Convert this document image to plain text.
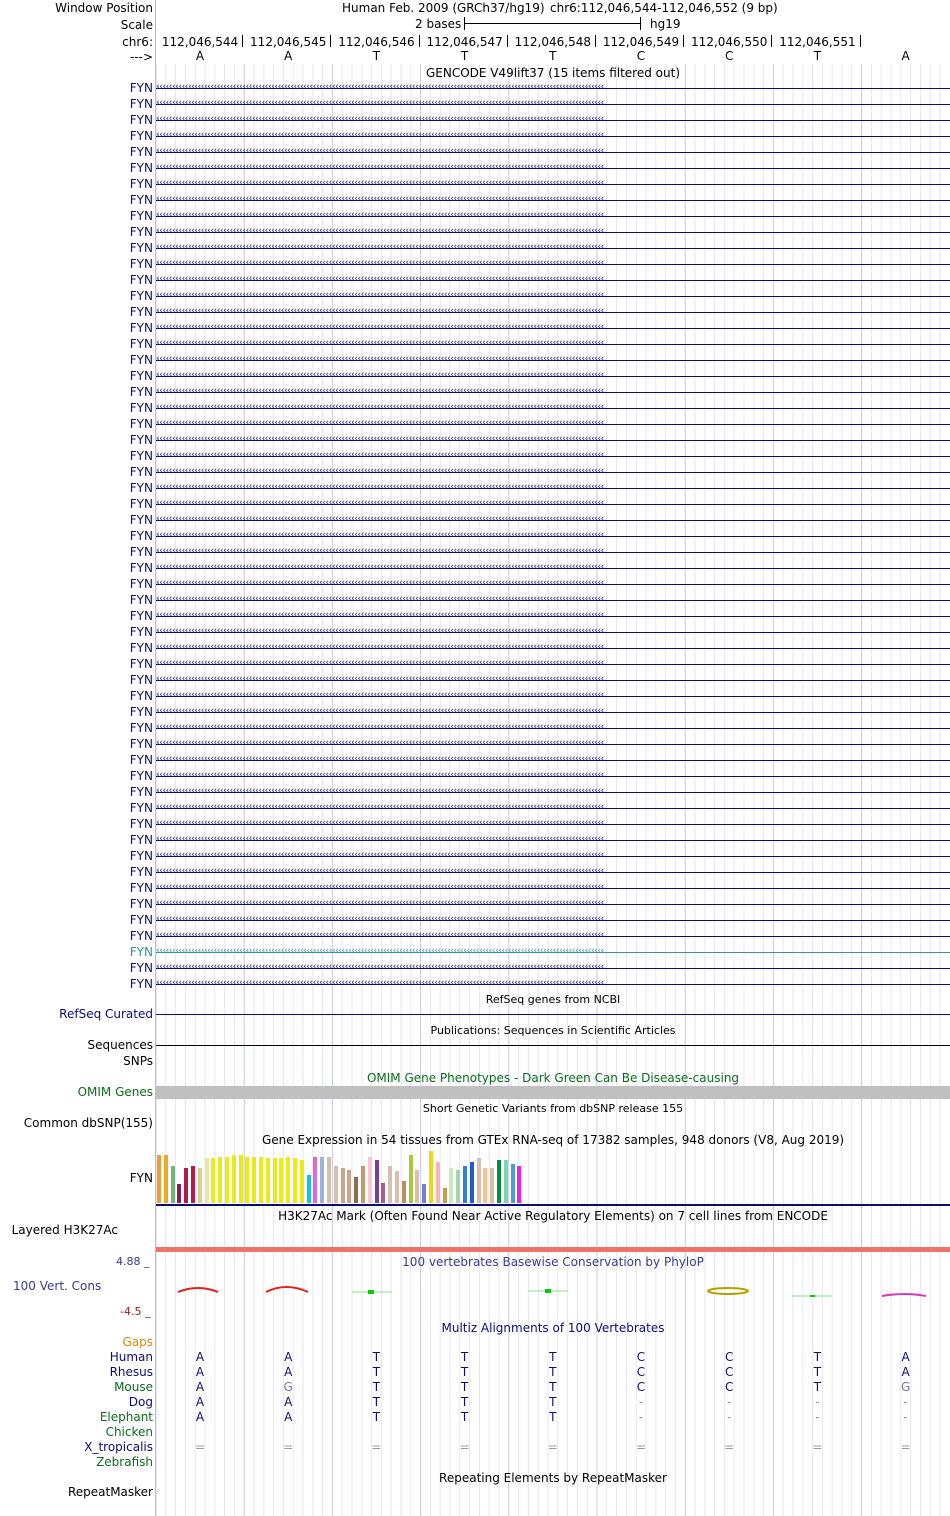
Window Position	Human Feb. 2009 (GRCh37/hg19) chr6:112,046,544-112,046,552 (9 bp)
Scale	2 bases	hg19
chr6: 112,046,544 112,046,545 112,046,546 112,046,547 112,046,548 112,046,549 112,046,550 112,046,551
--->	A	A	T	T	T	C	C	T	A
GENCODE V49lift37 (15 items filtered out)
FYN ‹‹‹‹‹‹‹‹‹‹‹‹‹‹‹‹‹‹‹‹‹‹‹‹‹‹‹‹‹‹‹‹‹‹‹‹‹‹‹‹‹‹‹‹‹‹‹‹‹‹‹‹‹‹‹‹‹‹‹‹‹‹‹‹‹‹‹‹‹‹‹‹‹‹‹‹‹‹‹‹‹‹‹‹‹‹‹‹‹‹‹‹‹‹‹‹‹‹‹‹‹‹‹‹‹‹‹‹‹‹‹‹‹‹‹‹‹‹‹‹‹‹‹‹‹‹‹‹‹‹‹‹‹‹‹‹‹‹‹‹
FYN ‹‹‹‹‹‹‹‹‹‹‹‹‹‹‹‹‹‹‹‹‹‹‹‹‹‹‹‹‹‹‹‹‹‹‹‹‹‹‹‹‹‹‹‹‹‹‹‹‹‹‹‹‹‹‹‹‹‹‹‹‹‹‹‹‹‹‹‹‹‹‹‹‹‹‹‹‹‹‹‹‹‹‹‹‹‹‹‹‹‹‹‹‹‹‹‹‹‹‹‹‹‹‹‹‹‹‹‹‹‹‹‹‹‹‹‹‹‹‹‹‹‹‹‹‹‹‹‹‹‹‹‹‹‹‹‹‹‹‹‹
FYN ‹‹‹‹‹‹‹‹‹‹‹‹‹‹‹‹‹‹‹‹‹‹‹‹‹‹‹‹‹‹‹‹‹‹‹‹‹‹‹‹‹‹‹‹‹‹‹‹‹‹‹‹‹‹‹‹‹‹‹‹‹‹‹‹‹‹‹‹‹‹‹‹‹‹‹‹‹‹‹‹‹‹‹‹‹‹‹‹‹‹‹‹‹‹‹‹‹‹‹‹‹‹‹‹‹‹‹‹‹‹‹‹‹‹‹‹‹‹‹‹‹‹‹‹‹‹‹‹‹‹‹‹‹‹‹‹‹‹‹‹
FYN ‹‹‹‹‹‹‹‹‹‹‹‹‹‹‹‹‹‹‹‹‹‹‹‹‹‹‹‹‹‹‹‹‹‹‹‹‹‹‹‹‹‹‹‹‹‹‹‹‹‹‹‹‹‹‹‹‹‹‹‹‹‹‹‹‹‹‹‹‹‹‹‹‹‹‹‹‹‹‹‹‹‹‹‹‹‹‹‹‹‹‹‹‹‹‹‹‹‹‹‹‹‹‹‹‹‹‹‹‹‹‹‹‹‹‹‹‹‹‹‹‹‹‹‹‹‹‹‹‹‹‹‹‹‹‹‹‹‹‹‹
FYN ‹‹‹‹‹‹‹‹‹‹‹‹‹‹‹‹‹‹‹‹‹‹‹‹‹‹‹‹‹‹‹‹‹‹‹‹‹‹‹‹‹‹‹‹‹‹‹‹‹‹‹‹‹‹‹‹‹‹‹‹‹‹‹‹‹‹‹‹‹‹‹‹‹‹‹‹‹‹‹‹‹‹‹‹‹‹‹‹‹‹‹‹‹‹‹‹‹‹‹‹‹‹‹‹‹‹‹‹‹‹‹‹‹‹‹‹‹‹‹‹‹‹‹‹‹‹‹‹‹‹‹‹‹‹‹‹‹‹‹‹
FYN ‹‹‹‹‹‹‹‹‹‹‹‹‹‹‹‹‹‹‹‹‹‹‹‹‹‹‹‹‹‹‹‹‹‹‹‹‹‹‹‹‹‹‹‹‹‹‹‹‹‹‹‹‹‹‹‹‹‹‹‹‹‹‹‹‹‹‹‹‹‹‹‹‹‹‹‹‹‹‹‹‹‹‹‹‹‹‹‹‹‹‹‹‹‹‹‹‹‹‹‹‹‹‹‹‹‹‹‹‹‹‹‹‹‹‹‹‹‹‹‹‹‹‹‹‹‹‹‹‹‹‹‹‹‹‹‹‹‹‹‹
FYN ‹‹‹‹‹‹‹‹‹‹‹‹‹‹‹‹‹‹‹‹‹‹‹‹‹‹‹‹‹‹‹‹‹‹‹‹‹‹‹‹‹‹‹‹‹‹‹‹‹‹‹‹‹‹‹‹‹‹‹‹‹‹‹‹‹‹‹‹‹‹‹‹‹‹‹‹‹‹‹‹‹‹‹‹‹‹‹‹‹‹‹‹‹‹‹‹‹‹‹‹‹‹‹‹‹‹‹‹‹‹‹‹‹‹‹‹‹‹‹‹‹‹‹‹‹‹‹‹‹‹‹‹‹‹‹‹‹‹‹‹
FYN ‹‹‹‹‹‹‹‹‹‹‹‹‹‹‹‹‹‹‹‹‹‹‹‹‹‹‹‹‹‹‹‹‹‹‹‹‹‹‹‹‹‹‹‹‹‹‹‹‹‹‹‹‹‹‹‹‹‹‹‹‹‹‹‹‹‹‹‹‹‹‹‹‹‹‹‹‹‹‹‹‹‹‹‹‹‹‹‹‹‹‹‹‹‹‹‹‹‹‹‹‹‹‹‹‹‹‹‹‹‹‹‹‹‹‹‹‹‹‹‹‹‹‹‹‹‹‹‹‹‹‹‹‹‹‹‹‹‹‹‹
FYN ‹‹‹‹‹‹‹‹‹‹‹‹‹‹‹‹‹‹‹‹‹‹‹‹‹‹‹‹‹‹‹‹‹‹‹‹‹‹‹‹‹‹‹‹‹‹‹‹‹‹‹‹‹‹‹‹‹‹‹‹‹‹‹‹‹‹‹‹‹‹‹‹‹‹‹‹‹‹‹‹‹‹‹‹‹‹‹‹‹‹‹‹‹‹‹‹‹‹‹‹‹‹‹‹‹‹‹‹‹‹‹‹‹‹‹‹‹‹‹‹‹‹‹‹‹‹‹‹‹‹‹‹‹‹‹‹‹‹‹‹
FYN ‹‹‹‹‹‹‹‹‹‹‹‹‹‹‹‹‹‹‹‹‹‹‹‹‹‹‹‹‹‹‹‹‹‹‹‹‹‹‹‹‹‹‹‹‹‹‹‹‹‹‹‹‹‹‹‹‹‹‹‹‹‹‹‹‹‹‹‹‹‹‹‹‹‹‹‹‹‹‹‹‹‹‹‹‹‹‹‹‹‹‹‹‹‹‹‹‹‹‹‹‹‹‹‹‹‹‹‹‹‹‹‹‹‹‹‹‹‹‹‹‹‹‹‹‹‹‹‹‹‹‹‹‹‹‹‹‹‹‹‹
FYN ‹‹‹‹‹‹‹‹‹‹‹‹‹‹‹‹‹‹‹‹‹‹‹‹‹‹‹‹‹‹‹‹‹‹‹‹‹‹‹‹‹‹‹‹‹‹‹‹‹‹‹‹‹‹‹‹‹‹‹‹‹‹‹‹‹‹‹‹‹‹‹‹‹‹‹‹‹‹‹‹‹‹‹‹‹‹‹‹‹‹‹‹‹‹‹‹‹‹‹‹‹‹‹‹‹‹‹‹‹‹‹‹‹‹‹‹‹‹‹‹‹‹‹‹‹‹‹‹‹‹‹‹‹‹‹‹‹‹‹‹
FYN ‹‹‹‹‹‹‹‹‹‹‹‹‹‹‹‹‹‹‹‹‹‹‹‹‹‹‹‹‹‹‹‹‹‹‹‹‹‹‹‹‹‹‹‹‹‹‹‹‹‹‹‹‹‹‹‹‹‹‹‹‹‹‹‹‹‹‹‹‹‹‹‹‹‹‹‹‹‹‹‹‹‹‹‹‹‹‹‹‹‹‹‹‹‹‹‹‹‹‹‹‹‹‹‹‹‹‹‹‹‹‹‹‹‹‹‹‹‹‹‹‹‹‹‹‹‹‹‹‹‹‹‹‹‹‹‹‹‹‹‹
FYN ‹‹‹‹‹‹‹‹‹‹‹‹‹‹‹‹‹‹‹‹‹‹‹‹‹‹‹‹‹‹‹‹‹‹‹‹‹‹‹‹‹‹‹‹‹‹‹‹‹‹‹‹‹‹‹‹‹‹‹‹‹‹‹‹‹‹‹‹‹‹‹‹‹‹‹‹‹‹‹‹‹‹‹‹‹‹‹‹‹‹‹‹‹‹‹‹‹‹‹‹‹‹‹‹‹‹‹‹‹‹‹‹‹‹‹‹‹‹‹‹‹‹‹‹‹‹‹‹‹‹‹‹‹‹‹‹‹‹‹‹
FYN ‹‹‹‹‹‹‹‹‹‹‹‹‹‹‹‹‹‹‹‹‹‹‹‹‹‹‹‹‹‹‹‹‹‹‹‹‹‹‹‹‹‹‹‹‹‹‹‹‹‹‹‹‹‹‹‹‹‹‹‹‹‹‹‹‹‹‹‹‹‹‹‹‹‹‹‹‹‹‹‹‹‹‹‹‹‹‹‹‹‹‹‹‹‹‹‹‹‹‹‹‹‹‹‹‹‹‹‹‹‹‹‹‹‹‹‹‹‹‹‹‹‹‹‹‹‹‹‹‹‹‹‹‹‹‹‹‹‹‹‹
FYN ‹‹‹‹‹‹‹‹‹‹‹‹‹‹‹‹‹‹‹‹‹‹‹‹‹‹‹‹‹‹‹‹‹‹‹‹‹‹‹‹‹‹‹‹‹‹‹‹‹‹‹‹‹‹‹‹‹‹‹‹‹‹‹‹‹‹‹‹‹‹‹‹‹‹‹‹‹‹‹‹‹‹‹‹‹‹‹‹‹‹‹‹‹‹‹‹‹‹‹‹‹‹‹‹‹‹‹‹‹‹‹‹‹‹‹‹‹‹‹‹‹‹‹‹‹‹‹‹‹‹‹‹‹‹‹‹‹‹‹‹
FYN ‹‹‹‹‹‹‹‹‹‹‹‹‹‹‹‹‹‹‹‹‹‹‹‹‹‹‹‹‹‹‹‹‹‹‹‹‹‹‹‹‹‹‹‹‹‹‹‹‹‹‹‹‹‹‹‹‹‹‹‹‹‹‹‹‹‹‹‹‹‹‹‹‹‹‹‹‹‹‹‹‹‹‹‹‹‹‹‹‹‹‹‹‹‹‹‹‹‹‹‹‹‹‹‹‹‹‹‹‹‹‹‹‹‹‹‹‹‹‹‹‹‹‹‹‹‹‹‹‹‹‹‹‹‹‹‹‹‹‹‹
FYN ‹‹‹‹‹‹‹‹‹‹‹‹‹‹‹‹‹‹‹‹‹‹‹‹‹‹‹‹‹‹‹‹‹‹‹‹‹‹‹‹‹‹‹‹‹‹‹‹‹‹‹‹‹‹‹‹‹‹‹‹‹‹‹‹‹‹‹‹‹‹‹‹‹‹‹‹‹‹‹‹‹‹‹‹‹‹‹‹‹‹‹‹‹‹‹‹‹‹‹‹‹‹‹‹‹‹‹‹‹‹‹‹‹‹‹‹‹‹‹‹‹‹‹‹‹‹‹‹‹‹‹‹‹‹‹‹‹‹‹‹
FYN ‹‹‹‹‹‹‹‹‹‹‹‹‹‹‹‹‹‹‹‹‹‹‹‹‹‹‹‹‹‹‹‹‹‹‹‹‹‹‹‹‹‹‹‹‹‹‹‹‹‹‹‹‹‹‹‹‹‹‹‹‹‹‹‹‹‹‹‹‹‹‹‹‹‹‹‹‹‹‹‹‹‹‹‹‹‹‹‹‹‹‹‹‹‹‹‹‹‹‹‹‹‹‹‹‹‹‹‹‹‹‹‹‹‹‹‹‹‹‹‹‹‹‹‹‹‹‹‹‹‹‹‹‹‹‹‹‹‹‹‹
FYN ‹‹‹‹‹‹‹‹‹‹‹‹‹‹‹‹‹‹‹‹‹‹‹‹‹‹‹‹‹‹‹‹‹‹‹‹‹‹‹‹‹‹‹‹‹‹‹‹‹‹‹‹‹‹‹‹‹‹‹‹‹‹‹‹‹‹‹‹‹‹‹‹‹‹‹‹‹‹‹‹‹‹‹‹‹‹‹‹‹‹‹‹‹‹‹‹‹‹‹‹‹‹‹‹‹‹‹‹‹‹‹‹‹‹‹‹‹‹‹‹‹‹‹‹‹‹‹‹‹‹‹‹‹‹‹‹‹‹‹‹
FYN ‹‹‹‹‹‹‹‹‹‹‹‹‹‹‹‹‹‹‹‹‹‹‹‹‹‹‹‹‹‹‹‹‹‹‹‹‹‹‹‹‹‹‹‹‹‹‹‹‹‹‹‹‹‹‹‹‹‹‹‹‹‹‹‹‹‹‹‹‹‹‹‹‹‹‹‹‹‹‹‹‹‹‹‹‹‹‹‹‹‹‹‹‹‹‹‹‹‹‹‹‹‹‹‹‹‹‹‹‹‹‹‹‹‹‹‹‹‹‹‹‹‹‹‹‹‹‹‹‹‹‹‹‹‹‹‹‹‹‹‹
FYN ‹‹‹‹‹‹‹‹‹‹‹‹‹‹‹‹‹‹‹‹‹‹‹‹‹‹‹‹‹‹‹‹‹‹‹‹‹‹‹‹‹‹‹‹‹‹‹‹‹‹‹‹‹‹‹‹‹‹‹‹‹‹‹‹‹‹‹‹‹‹‹‹‹‹‹‹‹‹‹‹‹‹‹‹‹‹‹‹‹‹‹‹‹‹‹‹‹‹‹‹‹‹‹‹‹‹‹‹‹‹‹‹‹‹‹‹‹‹‹‹‹‹‹‹‹‹‹‹‹‹‹‹‹‹‹‹‹‹‹‹
FYN ‹‹‹‹‹‹‹‹‹‹‹‹‹‹‹‹‹‹‹‹‹‹‹‹‹‹‹‹‹‹‹‹‹‹‹‹‹‹‹‹‹‹‹‹‹‹‹‹‹‹‹‹‹‹‹‹‹‹‹‹‹‹‹‹‹‹‹‹‹‹‹‹‹‹‹‹‹‹‹‹‹‹‹‹‹‹‹‹‹‹‹‹‹‹‹‹‹‹‹‹‹‹‹‹‹‹‹‹‹‹‹‹‹‹‹‹‹‹‹‹‹‹‹‹‹‹‹‹‹‹‹‹‹‹‹‹‹‹‹‹
FYN ‹‹‹‹‹‹‹‹‹‹‹‹‹‹‹‹‹‹‹‹‹‹‹‹‹‹‹‹‹‹‹‹‹‹‹‹‹‹‹‹‹‹‹‹‹‹‹‹‹‹‹‹‹‹‹‹‹‹‹‹‹‹‹‹‹‹‹‹‹‹‹‹‹‹‹‹‹‹‹‹‹‹‹‹‹‹‹‹‹‹‹‹‹‹‹‹‹‹‹‹‹‹‹‹‹‹‹‹‹‹‹‹‹‹‹‹‹‹‹‹‹‹‹‹‹‹‹‹‹‹‹‹‹‹‹‹‹‹‹‹
FYN ‹‹‹‹‹‹‹‹‹‹‹‹‹‹‹‹‹‹‹‹‹‹‹‹‹‹‹‹‹‹‹‹‹‹‹‹‹‹‹‹‹‹‹‹‹‹‹‹‹‹‹‹‹‹‹‹‹‹‹‹‹‹‹‹‹‹‹‹‹‹‹‹‹‹‹‹‹‹‹‹‹‹‹‹‹‹‹‹‹‹‹‹‹‹‹‹‹‹‹‹‹‹‹‹‹‹‹‹‹‹‹‹‹‹‹‹‹‹‹‹‹‹‹‹‹‹‹‹‹‹‹‹‹‹‹‹‹‹‹‹
FYN ‹‹‹‹‹‹‹‹‹‹‹‹‹‹‹‹‹‹‹‹‹‹‹‹‹‹‹‹‹‹‹‹‹‹‹‹‹‹‹‹‹‹‹‹‹‹‹‹‹‹‹‹‹‹‹‹‹‹‹‹‹‹‹‹‹‹‹‹‹‹‹‹‹‹‹‹‹‹‹‹‹‹‹‹‹‹‹‹‹‹‹‹‹‹‹‹‹‹‹‹‹‹‹‹‹‹‹‹‹‹‹‹‹‹‹‹‹‹‹‹‹‹‹‹‹‹‹‹‹‹‹‹‹‹‹‹‹‹‹‹
FYN ‹‹‹‹‹‹‹‹‹‹‹‹‹‹‹‹‹‹‹‹‹‹‹‹‹‹‹‹‹‹‹‹‹‹‹‹‹‹‹‹‹‹‹‹‹‹‹‹‹‹‹‹‹‹‹‹‹‹‹‹‹‹‹‹‹‹‹‹‹‹‹‹‹‹‹‹‹‹‹‹‹‹‹‹‹‹‹‹‹‹‹‹‹‹‹‹‹‹‹‹‹‹‹‹‹‹‹‹‹‹‹‹‹‹‹‹‹‹‹‹‹‹‹‹‹‹‹‹‹‹‹‹‹‹‹‹‹‹‹‹
FYN ‹‹‹‹‹‹‹‹‹‹‹‹‹‹‹‹‹‹‹‹‹‹‹‹‹‹‹‹‹‹‹‹‹‹‹‹‹‹‹‹‹‹‹‹‹‹‹‹‹‹‹‹‹‹‹‹‹‹‹‹‹‹‹‹‹‹‹‹‹‹‹‹‹‹‹‹‹‹‹‹‹‹‹‹‹‹‹‹‹‹‹‹‹‹‹‹‹‹‹‹‹‹‹‹‹‹‹‹‹‹‹‹‹‹‹‹‹‹‹‹‹‹‹‹‹‹‹‹‹‹‹‹‹‹‹‹‹‹‹‹
FYN ‹‹‹‹‹‹‹‹‹‹‹‹‹‹‹‹‹‹‹‹‹‹‹‹‹‹‹‹‹‹‹‹‹‹‹‹‹‹‹‹‹‹‹‹‹‹‹‹‹‹‹‹‹‹‹‹‹‹‹‹‹‹‹‹‹‹‹‹‹‹‹‹‹‹‹‹‹‹‹‹‹‹‹‹‹‹‹‹‹‹‹‹‹‹‹‹‹‹‹‹‹‹‹‹‹‹‹‹‹‹‹‹‹‹‹‹‹‹‹‹‹‹‹‹‹‹‹‹‹‹‹‹‹‹‹‹‹‹‹‹
FYN ‹‹‹‹‹‹‹‹‹‹‹‹‹‹‹‹‹‹‹‹‹‹‹‹‹‹‹‹‹‹‹‹‹‹‹‹‹‹‹‹‹‹‹‹‹‹‹‹‹‹‹‹‹‹‹‹‹‹‹‹‹‹‹‹‹‹‹‹‹‹‹‹‹‹‹‹‹‹‹‹‹‹‹‹‹‹‹‹‹‹‹‹‹‹‹‹‹‹‹‹‹‹‹‹‹‹‹‹‹‹‹‹‹‹‹‹‹‹‹‹‹‹‹‹‹‹‹‹‹‹‹‹‹‹‹‹‹‹‹‹
FYN ‹‹‹‹‹‹‹‹‹‹‹‹‹‹‹‹‹‹‹‹‹‹‹‹‹‹‹‹‹‹‹‹‹‹‹‹‹‹‹‹‹‹‹‹‹‹‹‹‹‹‹‹‹‹‹‹‹‹‹‹‹‹‹‹‹‹‹‹‹‹‹‹‹‹‹‹‹‹‹‹‹‹‹‹‹‹‹‹‹‹‹‹‹‹‹‹‹‹‹‹‹‹‹‹‹‹‹‹‹‹‹‹‹‹‹‹‹‹‹‹‹‹‹‹‹‹‹‹‹‹‹‹‹‹‹‹‹‹‹‹
FYN ‹‹‹‹‹‹‹‹‹‹‹‹‹‹‹‹‹‹‹‹‹‹‹‹‹‹‹‹‹‹‹‹‹‹‹‹‹‹‹‹‹‹‹‹‹‹‹‹‹‹‹‹‹‹‹‹‹‹‹‹‹‹‹‹‹‹‹‹‹‹‹‹‹‹‹‹‹‹‹‹‹‹‹‹‹‹‹‹‹‹‹‹‹‹‹‹‹‹‹‹‹‹‹‹‹‹‹‹‹‹‹‹‹‹‹‹‹‹‹‹‹‹‹‹‹‹‹‹‹‹‹‹‹‹‹‹‹‹‹‹
FYN ‹‹‹‹‹‹‹‹‹‹‹‹‹‹‹‹‹‹‹‹‹‹‹‹‹‹‹‹‹‹‹‹‹‹‹‹‹‹‹‹‹‹‹‹‹‹‹‹‹‹‹‹‹‹‹‹‹‹‹‹‹‹‹‹‹‹‹‹‹‹‹‹‹‹‹‹‹‹‹‹‹‹‹‹‹‹‹‹‹‹‹‹‹‹‹‹‹‹‹‹‹‹‹‹‹‹‹‹‹‹‹‹‹‹‹‹‹‹‹‹‹‹‹‹‹‹‹‹‹‹‹‹‹‹‹‹‹‹‹‹
FYN ‹‹‹‹‹‹‹‹‹‹‹‹‹‹‹‹‹‹‹‹‹‹‹‹‹‹‹‹‹‹‹‹‹‹‹‹‹‹‹‹‹‹‹‹‹‹‹‹‹‹‹‹‹‹‹‹‹‹‹‹‹‹‹‹‹‹‹‹‹‹‹‹‹‹‹‹‹‹‹‹‹‹‹‹‹‹‹‹‹‹‹‹‹‹‹‹‹‹‹‹‹‹‹‹‹‹‹‹‹‹‹‹‹‹‹‹‹‹‹‹‹‹‹‹‹‹‹‹‹‹‹‹‹‹‹‹‹‹‹‹
FYN ‹‹‹‹‹‹‹‹‹‹‹‹‹‹‹‹‹‹‹‹‹‹‹‹‹‹‹‹‹‹‹‹‹‹‹‹‹‹‹‹‹‹‹‹‹‹‹‹‹‹‹‹‹‹‹‹‹‹‹‹‹‹‹‹‹‹‹‹‹‹‹‹‹‹‹‹‹‹‹‹‹‹‹‹‹‹‹‹‹‹‹‹‹‹‹‹‹‹‹‹‹‹‹‹‹‹‹‹‹‹‹‹‹‹‹‹‹‹‹‹‹‹‹‹‹‹‹‹‹‹‹‹‹‹‹‹‹‹‹‹
FYN ‹‹‹‹‹‹‹‹‹‹‹‹‹‹‹‹‹‹‹‹‹‹‹‹‹‹‹‹‹‹‹‹‹‹‹‹‹‹‹‹‹‹‹‹‹‹‹‹‹‹‹‹‹‹‹‹‹‹‹‹‹‹‹‹‹‹‹‹‹‹‹‹‹‹‹‹‹‹‹‹‹‹‹‹‹‹‹‹‹‹‹‹‹‹‹‹‹‹‹‹‹‹‹‹‹‹‹‹‹‹‹‹‹‹‹‹‹‹‹‹‹‹‹‹‹‹‹‹‹‹‹‹‹‹‹‹‹‹‹‹
FYN ‹‹‹‹‹‹‹‹‹‹‹‹‹‹‹‹‹‹‹‹‹‹‹‹‹‹‹‹‹‹‹‹‹‹‹‹‹‹‹‹‹‹‹‹‹‹‹‹‹‹‹‹‹‹‹‹‹‹‹‹‹‹‹‹‹‹‹‹‹‹‹‹‹‹‹‹‹‹‹‹‹‹‹‹‹‹‹‹‹‹‹‹‹‹‹‹‹‹‹‹‹‹‹‹‹‹‹‹‹‹‹‹‹‹‹‹‹‹‹‹‹‹‹‹‹‹‹‹‹‹‹‹‹‹‹‹‹‹‹‹
FYN ‹‹‹‹‹‹‹‹‹‹‹‹‹‹‹‹‹‹‹‹‹‹‹‹‹‹‹‹‹‹‹‹‹‹‹‹‹‹‹‹‹‹‹‹‹‹‹‹‹‹‹‹‹‹‹‹‹‹‹‹‹‹‹‹‹‹‹‹‹‹‹‹‹‹‹‹‹‹‹‹‹‹‹‹‹‹‹‹‹‹‹‹‹‹‹‹‹‹‹‹‹‹‹‹‹‹‹‹‹‹‹‹‹‹‹‹‹‹‹‹‹‹‹‹‹‹‹‹‹‹‹‹‹‹‹‹‹‹‹‹
FYN ‹‹‹‹‹‹‹‹‹‹‹‹‹‹‹‹‹‹‹‹‹‹‹‹‹‹‹‹‹‹‹‹‹‹‹‹‹‹‹‹‹‹‹‹‹‹‹‹‹‹‹‹‹‹‹‹‹‹‹‹‹‹‹‹‹‹‹‹‹‹‹‹‹‹‹‹‹‹‹‹‹‹‹‹‹‹‹‹‹‹‹‹‹‹‹‹‹‹‹‹‹‹‹‹‹‹‹‹‹‹‹‹‹‹‹‹‹‹‹‹‹‹‹‹‹‹‹‹‹‹‹‹‹‹‹‹‹‹‹‹
FYN ‹‹‹‹‹‹‹‹‹‹‹‹‹‹‹‹‹‹‹‹‹‹‹‹‹‹‹‹‹‹‹‹‹‹‹‹‹‹‹‹‹‹‹‹‹‹‹‹‹‹‹‹‹‹‹‹‹‹‹‹‹‹‹‹‹‹‹‹‹‹‹‹‹‹‹‹‹‹‹‹‹‹‹‹‹‹‹‹‹‹‹‹‹‹‹‹‹‹‹‹‹‹‹‹‹‹‹‹‹‹‹‹‹‹‹‹‹‹‹‹‹‹‹‹‹‹‹‹‹‹‹‹‹‹‹‹‹‹‹‹
FYN ‹‹‹‹‹‹‹‹‹‹‹‹‹‹‹‹‹‹‹‹‹‹‹‹‹‹‹‹‹‹‹‹‹‹‹‹‹‹‹‹‹‹‹‹‹‹‹‹‹‹‹‹‹‹‹‹‹‹‹‹‹‹‹‹‹‹‹‹‹‹‹‹‹‹‹‹‹‹‹‹‹‹‹‹‹‹‹‹‹‹‹‹‹‹‹‹‹‹‹‹‹‹‹‹‹‹‹‹‹‹‹‹‹‹‹‹‹‹‹‹‹‹‹‹‹‹‹‹‹‹‹‹‹‹‹‹‹‹‹‹
FYN ‹‹‹‹‹‹‹‹‹‹‹‹‹‹‹‹‹‹‹‹‹‹‹‹‹‹‹‹‹‹‹‹‹‹‹‹‹‹‹‹‹‹‹‹‹‹‹‹‹‹‹‹‹‹‹‹‹‹‹‹‹‹‹‹‹‹‹‹‹‹‹‹‹‹‹‹‹‹‹‹‹‹‹‹‹‹‹‹‹‹‹‹‹‹‹‹‹‹‹‹‹‹‹‹‹‹‹‹‹‹‹‹‹‹‹‹‹‹‹‹‹‹‹‹‹‹‹‹‹‹‹‹‹‹‹‹‹‹‹‹
FYN ‹‹‹‹‹‹‹‹‹‹‹‹‹‹‹‹‹‹‹‹‹‹‹‹‹‹‹‹‹‹‹‹‹‹‹‹‹‹‹‹‹‹‹‹‹‹‹‹‹‹‹‹‹‹‹‹‹‹‹‹‹‹‹‹‹‹‹‹‹‹‹‹‹‹‹‹‹‹‹‹‹‹‹‹‹‹‹‹‹‹‹‹‹‹‹‹‹‹‹‹‹‹‹‹‹‹‹‹‹‹‹‹‹‹‹‹‹‹‹‹‹‹‹‹‹‹‹‹‹‹‹‹‹‹‹‹‹‹‹‹
FYN ‹‹‹‹‹‹‹‹‹‹‹‹‹‹‹‹‹‹‹‹‹‹‹‹‹‹‹‹‹‹‹‹‹‹‹‹‹‹‹‹‹‹‹‹‹‹‹‹‹‹‹‹‹‹‹‹‹‹‹‹‹‹‹‹‹‹‹‹‹‹‹‹‹‹‹‹‹‹‹‹‹‹‹‹‹‹‹‹‹‹‹‹‹‹‹‹‹‹‹‹‹‹‹‹‹‹‹‹‹‹‹‹‹‹‹‹‹‹‹‹‹‹‹‹‹‹‹‹‹‹‹‹‹‹‹‹‹‹‹‹
FYN ‹‹‹‹‹‹‹‹‹‹‹‹‹‹‹‹‹‹‹‹‹‹‹‹‹‹‹‹‹‹‹‹‹‹‹‹‹‹‹‹‹‹‹‹‹‹‹‹‹‹‹‹‹‹‹‹‹‹‹‹‹‹‹‹‹‹‹‹‹‹‹‹‹‹‹‹‹‹‹‹‹‹‹‹‹‹‹‹‹‹‹‹‹‹‹‹‹‹‹‹‹‹‹‹‹‹‹‹‹‹‹‹‹‹‹‹‹‹‹‹‹‹‹‹‹‹‹‹‹‹‹‹‹‹‹‹‹‹‹‹
FYN ‹‹‹‹‹‹‹‹‹‹‹‹‹‹‹‹‹‹‹‹‹‹‹‹‹‹‹‹‹‹‹‹‹‹‹‹‹‹‹‹‹‹‹‹‹‹‹‹‹‹‹‹‹‹‹‹‹‹‹‹‹‹‹‹‹‹‹‹‹‹‹‹‹‹‹‹‹‹‹‹‹‹‹‹‹‹‹‹‹‹‹‹‹‹‹‹‹‹‹‹‹‹‹‹‹‹‹‹‹‹‹‹‹‹‹‹‹‹‹‹‹‹‹‹‹‹‹‹‹‹‹‹‹‹‹‹‹‹‹‹
FYN ‹‹‹‹‹‹‹‹‹‹‹‹‹‹‹‹‹‹‹‹‹‹‹‹‹‹‹‹‹‹‹‹‹‹‹‹‹‹‹‹‹‹‹‹‹‹‹‹‹‹‹‹‹‹‹‹‹‹‹‹‹‹‹‹‹‹‹‹‹‹‹‹‹‹‹‹‹‹‹‹‹‹‹‹‹‹‹‹‹‹‹‹‹‹‹‹‹‹‹‹‹‹‹‹‹‹‹‹‹‹‹‹‹‹‹‹‹‹‹‹‹‹‹‹‹‹‹‹‹‹‹‹‹‹‹‹‹‹‹‹
FYN ‹‹‹‹‹‹‹‹‹‹‹‹‹‹‹‹‹‹‹‹‹‹‹‹‹‹‹‹‹‹‹‹‹‹‹‹‹‹‹‹‹‹‹‹‹‹‹‹‹‹‹‹‹‹‹‹‹‹‹‹‹‹‹‹‹‹‹‹‹‹‹‹‹‹‹‹‹‹‹‹‹‹‹‹‹‹‹‹‹‹‹‹‹‹‹‹‹‹‹‹‹‹‹‹‹‹‹‹‹‹‹‹‹‹‹‹‹‹‹‹‹‹‹‹‹‹‹‹‹‹‹‹‹‹‹‹‹‹‹‹
FYN ‹‹‹‹‹‹‹‹‹‹‹‹‹‹‹‹‹‹‹‹‹‹‹‹‹‹‹‹‹‹‹‹‹‹‹‹‹‹‹‹‹‹‹‹‹‹‹‹‹‹‹‹‹‹‹‹‹‹‹‹‹‹‹‹‹‹‹‹‹‹‹‹‹‹‹‹‹‹‹‹‹‹‹‹‹‹‹‹‹‹‹‹‹‹‹‹‹‹‹‹‹‹‹‹‹‹‹‹‹‹‹‹‹‹‹‹‹‹‹‹‹‹‹‹‹‹‹‹‹‹‹‹‹‹‹‹‹‹‹‹
FYN ‹‹‹‹‹‹‹‹‹‹‹‹‹‹‹‹‹‹‹‹‹‹‹‹‹‹‹‹‹‹‹‹‹‹‹‹‹‹‹‹‹‹‹‹‹‹‹‹‹‹‹‹‹‹‹‹‹‹‹‹‹‹‹‹‹‹‹‹‹‹‹‹‹‹‹‹‹‹‹‹‹‹‹‹‹‹‹‹‹‹‹‹‹‹‹‹‹‹‹‹‹‹‹‹‹‹‹‹‹‹‹‹‹‹‹‹‹‹‹‹‹‹‹‹‹‹‹‹‹‹‹‹‹‹‹‹‹‹‹‹
FYN ‹‹‹‹‹‹‹‹‹‹‹‹‹‹‹‹‹‹‹‹‹‹‹‹‹‹‹‹‹‹‹‹‹‹‹‹‹‹‹‹‹‹‹‹‹‹‹‹‹‹‹‹‹‹‹‹‹‹‹‹‹‹‹‹‹‹‹‹‹‹‹‹‹‹‹‹‹‹‹‹‹‹‹‹‹‹‹‹‹‹‹‹‹‹‹‹‹‹‹‹‹‹‹‹‹‹‹‹‹‹‹‹‹‹‹‹‹‹‹‹‹‹‹‹‹‹‹‹‹‹‹‹‹‹‹‹‹‹‹‹
FYN ‹‹‹‹‹‹‹‹‹‹‹‹‹‹‹‹‹‹‹‹‹‹‹‹‹‹‹‹‹‹‹‹‹‹‹‹‹‹‹‹‹‹‹‹‹‹‹‹‹‹‹‹‹‹‹‹‹‹‹‹‹‹‹‹‹‹‹‹‹‹‹‹‹‹‹‹‹‹‹‹‹‹‹‹‹‹‹‹‹‹‹‹‹‹‹‹‹‹‹‹‹‹‹‹‹‹‹‹‹‹‹‹‹‹‹‹‹‹‹‹‹‹‹‹‹‹‹‹‹‹‹‹‹‹‹‹‹‹‹‹
FYN ‹‹‹‹‹‹‹‹‹‹‹‹‹‹‹‹‹‹‹‹‹‹‹‹‹‹‹‹‹‹‹‹‹‹‹‹‹‹‹‹‹‹‹‹‹‹‹‹‹‹‹‹‹‹‹‹‹‹‹‹‹‹‹‹‹‹‹‹‹‹‹‹‹‹‹‹‹‹‹‹‹‹‹‹‹‹‹‹‹‹‹‹‹‹‹‹‹‹‹‹‹‹‹‹‹‹‹‹‹‹‹‹‹‹‹‹‹‹‹‹‹‹‹‹‹‹‹‹‹‹‹‹‹‹‹‹‹‹‹‹
FYN ‹‹‹‹‹‹‹‹‹‹‹‹‹‹‹‹‹‹‹‹‹‹‹‹‹‹‹‹‹‹‹‹‹‹‹‹‹‹‹‹‹‹‹‹‹‹‹‹‹‹‹‹‹‹‹‹‹‹‹‹‹‹‹‹‹‹‹‹‹‹‹‹‹‹‹‹‹‹‹‹‹‹‹‹‹‹‹‹‹‹‹‹‹‹‹‹‹‹‹‹‹‹‹‹‹‹‹‹‹‹‹‹‹‹‹‹‹‹‹‹‹‹‹‹‹‹‹‹‹‹‹‹‹‹‹‹‹‹‹‹
FYN ‹‹‹‹‹‹‹‹‹‹‹‹‹‹‹‹‹‹‹‹‹‹‹‹‹‹‹‹‹‹‹‹‹‹‹‹‹‹‹‹‹‹‹‹‹‹‹‹‹‹‹‹‹‹‹‹‹‹‹‹‹‹‹‹‹‹‹‹‹‹‹‹‹‹‹‹‹‹‹‹‹‹‹‹‹‹‹‹‹‹‹‹‹‹‹‹‹‹‹‹‹‹‹‹‹‹‹‹‹‹‹‹‹‹‹‹‹‹‹‹‹‹‹‹‹‹‹‹‹‹‹‹‹‹‹‹‹‹‹‹
FYN ‹‹‹‹‹‹‹‹‹‹‹‹‹‹‹‹‹‹‹‹‹‹‹‹‹‹‹‹‹‹‹‹‹‹‹‹‹‹‹‹‹‹‹‹‹‹‹‹‹‹‹‹‹‹‹‹‹‹‹‹‹‹‹‹‹‹‹‹‹‹‹‹‹‹‹‹‹‹‹‹‹‹‹‹‹‹‹‹‹‹‹‹‹‹‹‹‹‹‹‹‹‹‹‹‹‹‹‹‹‹‹‹‹‹‹‹‹‹‹‹‹‹‹‹‹‹‹‹‹‹‹‹‹‹‹‹‹‹‹‹
FYN ‹‹‹‹‹‹‹‹‹‹‹‹‹‹‹‹‹‹‹‹‹‹‹‹‹‹‹‹‹‹‹‹‹‹‹‹‹‹‹‹‹‹‹‹‹‹‹‹‹‹‹‹‹‹‹‹‹‹‹‹‹‹‹‹‹‹‹‹‹‹‹‹‹‹‹‹‹‹‹‹‹‹‹‹‹‹‹‹‹‹‹‹‹‹‹‹‹‹‹‹‹‹‹‹‹‹‹‹‹‹‹‹‹‹‹‹‹‹‹‹‹‹‹‹‹‹‹‹‹‹‹‹‹‹‹‹‹‹‹‹
FYN ‹‹‹‹‹‹‹‹‹‹‹‹‹‹‹‹‹‹‹‹‹‹‹‹‹‹‹‹‹‹‹‹‹‹‹‹‹‹‹‹‹‹‹‹‹‹‹‹‹‹‹‹‹‹‹‹‹‹‹‹‹‹‹‹‹‹‹‹‹‹‹‹‹‹‹‹‹‹‹‹‹‹‹‹‹‹‹‹‹‹‹‹‹‹‹‹‹‹‹‹‹‹‹‹‹‹‹‹‹‹‹‹‹‹‹‹‹‹‹‹‹‹‹‹‹‹‹‹‹‹‹‹‹‹‹‹‹‹‹‹
RefSeq genes from NCBI
RefSeq Curated
Publications: Sequences in Scientific Articles
Sequences
SNPs
OMIM Gene Phenotypes - Dark Green Can Be Disease-causing
OMIM Genes
Short Genetic Variants from dbSNP release 155
Common dbSNP(155)
Gene Expression in 54 tissues from GTEx RNA-seq of 17382 samples, 948 donors (V8, Aug 2019)
FYN
H3K27Ac Mark (Often Found Near Active Regulatory Elements) on 7 cell lines from ENCODE
Layered H3K27Ac
100 vertebrates Basewise Conservation by PhyloP
4.88 _
100 Vert. Cons
-4.5 _
Multiz Alignments of 100 Vertebrates
Gaps
Human	A	A	T	T	T	C	C	T	A
Rhesus	A	A	T	T	T	C	C	T	A
Mouse	A	G	T	T	T	C	C	T	G
Dog	A	A	T	T	T	-	-	-	-
Elephant	A	A	T	T	T	-	-	-	-
Chicken
X_tropicalis	=	=	=	=	=	=	=	=	=
Zebrafish
Repeating Elements by RepeatMasker
RepeatMasker
